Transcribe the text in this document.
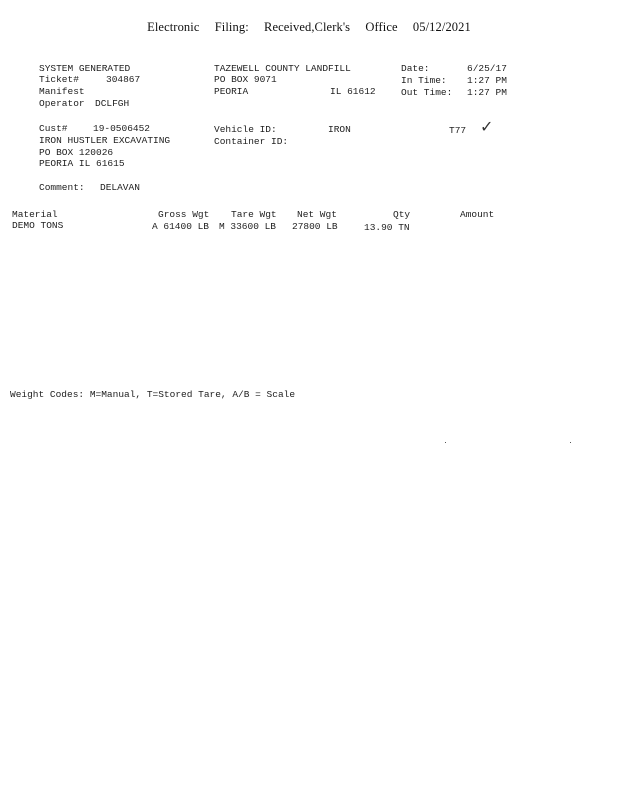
Electronic Filing: Received,Clerk's Office 05/12/2021
SYSTEM GENERATED
Ticket#	304867
Manifest
Operator DCLFGH
TAZEWELL COUNTY LANDFILL
PO BOX 9071
PEORIA	IL 61612
Date:	6/25/17
In Time: 1:27 PM
Out Time: 1:27 PM
Cust#	19-0506452
IRON HUSTLER EXCAVATING
PO BOX 120026
PEORIA IL 61615
Vehicle ID:	IRON
Container ID:
T77 ✓
Comment: DELAVAN
Material	Gross Wgt Tare Wgt Net Wgt	Qty	Amount
DEMO TONS	A 61400 LB M 33600 LB 27800 LB	13.90 TN
Weight Codes: M=Manual, T=Stored Tare, A/B = Scale
